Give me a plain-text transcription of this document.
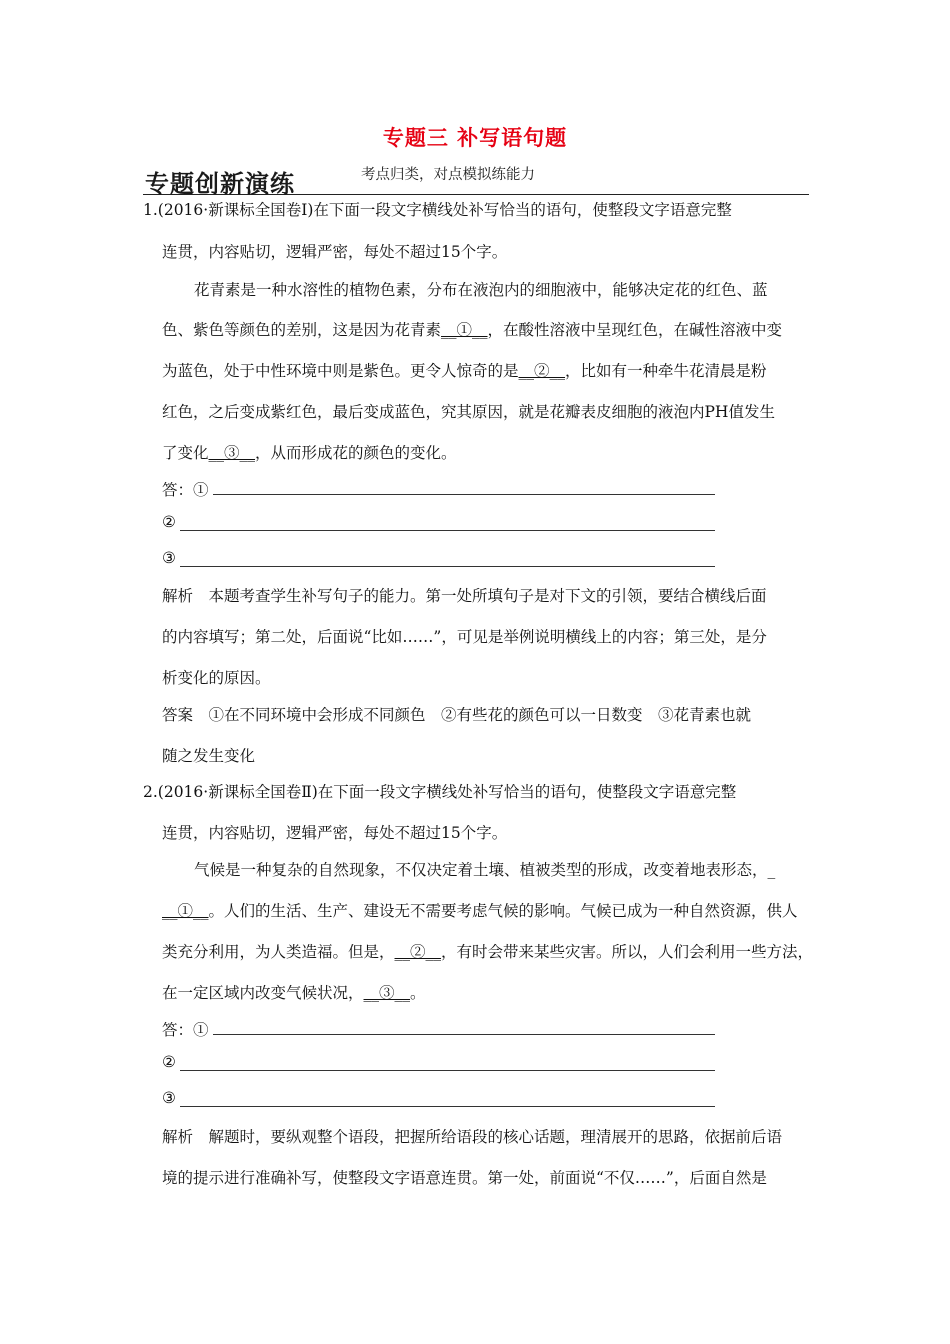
专题三 补写语句题
专题创新演练	考点归类，对点模拟练能力
1.(2016·新课标全国卷Ⅰ)在下面一段文字横线处补写恰当的语句，使整段文字语意完整
连贯，内容贴切，逻辑严密，每处不超过15个字。
花青素是一种水溶性的植物色素，分布在液泡内的细胞液中，能够决定花的红色、蓝
色、紫色等颜色的差别，这是因为花青素__①__，在酸性溶液中呈现红色，在碱性溶液中变
为蓝色，处于中性环境中则是紫色。更令人惊奇的是__②__，比如有一种牵牛花清晨是粉
红色，之后变成紫红色，最后变成蓝色，究其原因，就是花瓣表皮细胞的液泡内PH值发生
了变化__③__，从而形成花的颜色的变化。
答：①
②
③
解析　本题考查学生补写句子的能力。第一处所填句子是对下文的引领，要结合横线后面
的内容填写；第二处，后面说“比如……”，可见是举例说明横线上的内容；第三处，是分
析变化的原因。
答案　①在不同环境中会形成不同颜色　②有些花的颜色可以一日数变　③花青素也就
随之发生变化
2.(2016·新课标全国卷Ⅱ)在下面一段文字横线处补写恰当的语句，使整段文字语意完整
连贯，内容贴切，逻辑严密，每处不超过15个字。
气候是一种复杂的自然现象，不仅决定着土壤、植被类型的形成，改变着地表形态，_
__①__。人们的生活、生产、建设无不需要考虑气候的影响。气候已成为一种自然资源，供人
类充分利用，为人类造福。但是，__②__，有时会带来某些灾害。所以，人们会利用一些方法，
在一定区域内改变气候状况，__③__。
答：①
②
③
解析　解题时，要纵观整个语段，把握所给语段的核心话题，理清展开的思路，依据前后语
境的提示进行准确补写，使整段文字语意连贯。第一处，前面说“不仅……”，后面自然是
